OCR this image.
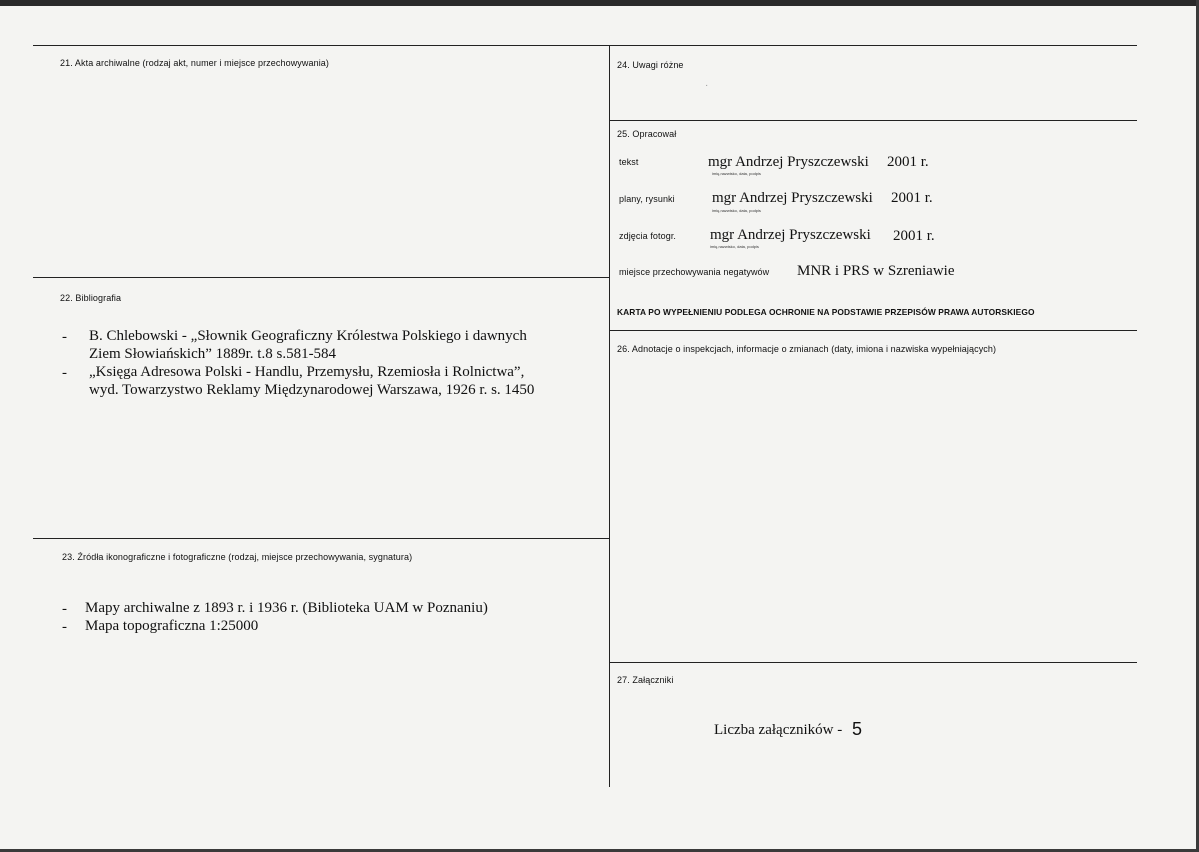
21. Akta archiwalne (rodzaj akt, numer i miejsce przechowywania)
22. Bibliografia
- B. Chlebowski - „Słownik Geograficzny Królestwa Polskiego i dawnych
Ziem Słowiańskich” 1889r. t.8 s.581-584
- „Księga Adresowa Polski - Handlu, Przemysłu, Rzemiosła i Rolnictwa”,
wyd. Towarzystwo Reklamy Międzynarodowej Warszawa, 1926 r. s. 1450
23. Źródła ikonograficzne i fotograficzne (rodzaj, miejsce przechowywania, sygnatura)
- Mapy archiwalne z 1893 r. i 1936 r. (Biblioteka UAM w Poznaniu)
- Mapa topograficzna 1:25000
24. Uwagi różne
·
25. Opracował
tekst	mgr Andrzej Pryszczewski 2001 r.
imię,nazwisko, data, podpis
plany, rysunki mgr Andrzej Pryszczewski 2001 r.
imię,nazwisko, data, podpis
zdjęcia fotogr. mgr Andrzej Pryszczewski 2001 r.
imię,nazwisko, data, podpis
miejsce przechowywania negatywów MNR i PRS w Szreniawie
KARTA PO WYPEŁNIENIU PODLEGA OCHRONIE NA PODSTAWIE PRZEPISÓW PRAWA AUTORSKIEGO
26. Adnotacje o inspekcjach, informacje o zmianach (daty, imiona i nazwiska wypełniających)
27. Załączniki
Liczba załączników - 5
